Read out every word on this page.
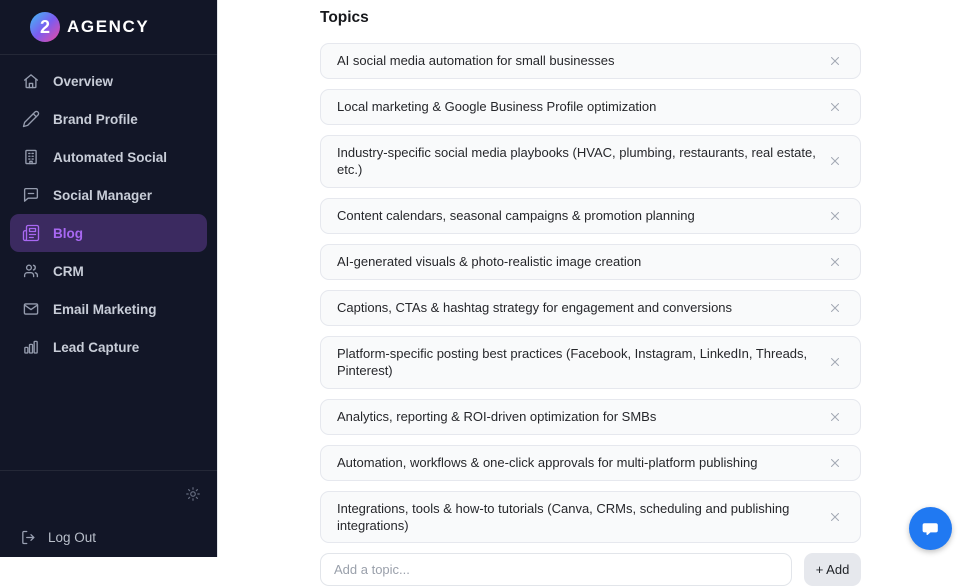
2	AGENCY
Overview
Brand Profile
Automated Social
Social Manager
Blog
CRM
Email Marketing
Lead Capture
Log Out
Topics
AI social media automation for small businesses
Local marketing & Google Business Profile optimization
Industry-specific social media playbooks (HVAC, plumbing, restaurants, real estate, etc.)
Content calendars, seasonal campaigns & promotion planning
AI-generated visuals & photo-realistic image creation
Captions, CTAs & hashtag strategy for engagement and conversions
Platform-specific posting best practices (Facebook, Instagram, LinkedIn, Threads, Pinterest)
Analytics, reporting & ROI-driven optimization for SMBs
Automation, workflows & one-click approvals for multi-platform publishing
Integrations, tools & how-to tutorials (Canva, CRMs, scheduling and publishing integrations)
Add a topic...
+ Add
